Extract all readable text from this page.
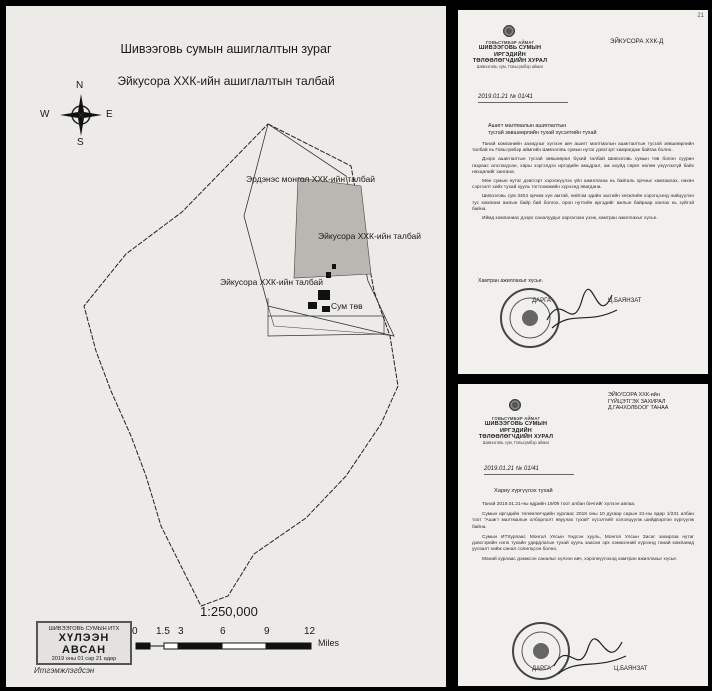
Шивээговь сумын ашиглалтын зураг
Эйкусора ХХК-ийн ашиглалтын талбай
N
W	E
S
Эрдэнэс монгол ХХК-ийн талбай
Эйкусора ХХК-ийн талбай
Эйкусора ХХК-ийн талбай
Сум төв
1:250,000
0 1.5 3	6	9	12
Miles
ШИВЭЭГОВЬ СУМЫН ИТХ
ХҮЛЭЭН АВСАН
2019 оны 01 сар 21 өдөр
Итгэмжлэгдсэн
21
ГОВЬСҮМБЭР АЙМАГ
ШИВЭЭГОВЬ СУМЫН ИРГЭДИЙН
ТӨЛӨӨЛӨГЧДИЙН ХУРАЛ
Шивээговь сум, Говьсүмбэр аймаг
2019.01.21 № 01/41
ЭЙКУСОРА ХХК-Д
Ашигт малтмалын ашиглалтын
тусгай зөвшөөрлийн тухай хүсэлтийн тухай

Танай компанийн захидлыг хүлээн авч ашигт малтмалын ашиглалтын тусгай зөвшөөрлийн талбай нь Говьсүмбэр аймгийн Шивээговь сумын нутаг дэвсгэрт хамрагдаж байгаа болно.

Дээрх ашиглалтын тусгай зөвшөөрөл бүхий талбай Шивээговь сумын төв болон суурин газраас алслагдсан, хөрш зэргэлдээ иргэдийн амьдрал, аж ахуйд сөрөг нөлөө үзүүлэхгүй байх нөхцөлийг хангана.

Мөн сумын нутаг дэвсгэрт хэрэгжүүлэх үйл ажиллагаа нь байгаль орчныг хамгаалах, нөхөн сэргээлт хийх тухай хууль тогтоомжийн хүрээнд явагдана.

Шивээговь сум 3404 орчим хүн амтай, нийгэм эдийн засгийн хөгжлийн хэрэгцээнд нийцүүлэн тус компани ажлын байр бий болгох, орон нутгийн иргэдийг ажлын байраар хангах нь зүйтэй байна.

Иймд компаниас дээрх саналуудыг харгалзан үзэж, хамтран ажиллахыг хүсье.

Хамтран ажиллахыг хүсье.
ДАРГА	Ц.БАЯНЗАТ
ЭЙКУСОРА ХХК-ийн
ГҮЙЦЭТГЭХ ЗАХИРАЛ
Д.ГАНХОЛБООГ ТАНАА
ГОВЬСҮМБЭР АЙМАГ
ШИВЭЭГОВЬ СУМЫН ИРГЭДИЙН
ТӨЛӨӨЛӨГЧДИЙН ХУРАЛ
Шивээговь сум, Говьсүмбэр аймаг
2019.01.21 № 01/41
Хариу хүргүүлэх тухай

Танай 2019.01.21-ны өдрийн 19/09 тоот албан бичгийг хүлээн авлаа.

Сумын иргэдийн төлөөлөгчдийн хурлаас 2018 оны 10 дугаар сарын 21-ны өдөр 1/231 албан тоот "Ашигт малтмалын олборлолт явуулах тухай" хүсэлтийг хэлэлцүүлж шийдвэрлэн хүргүүлж байна.

Сумын ИТХурлаас Монгол Улсын Үндсэн хууль, Монгол Улсын Засаг захиргаа нутаг дэвсгэрийн нэгж тухайн удирдлагын тухай хууль заасан эрх хэмжээний хүрээнд танай компанид уулзалт хийж санал солилцсон болно.

Манай хурлаас дэмжсэн саналыг хүлээн авч, хэрэгжүүлэхэд хамтран ажиллахыг хүсье.

ДАРГА	Ц.БАЯНЗАТ
